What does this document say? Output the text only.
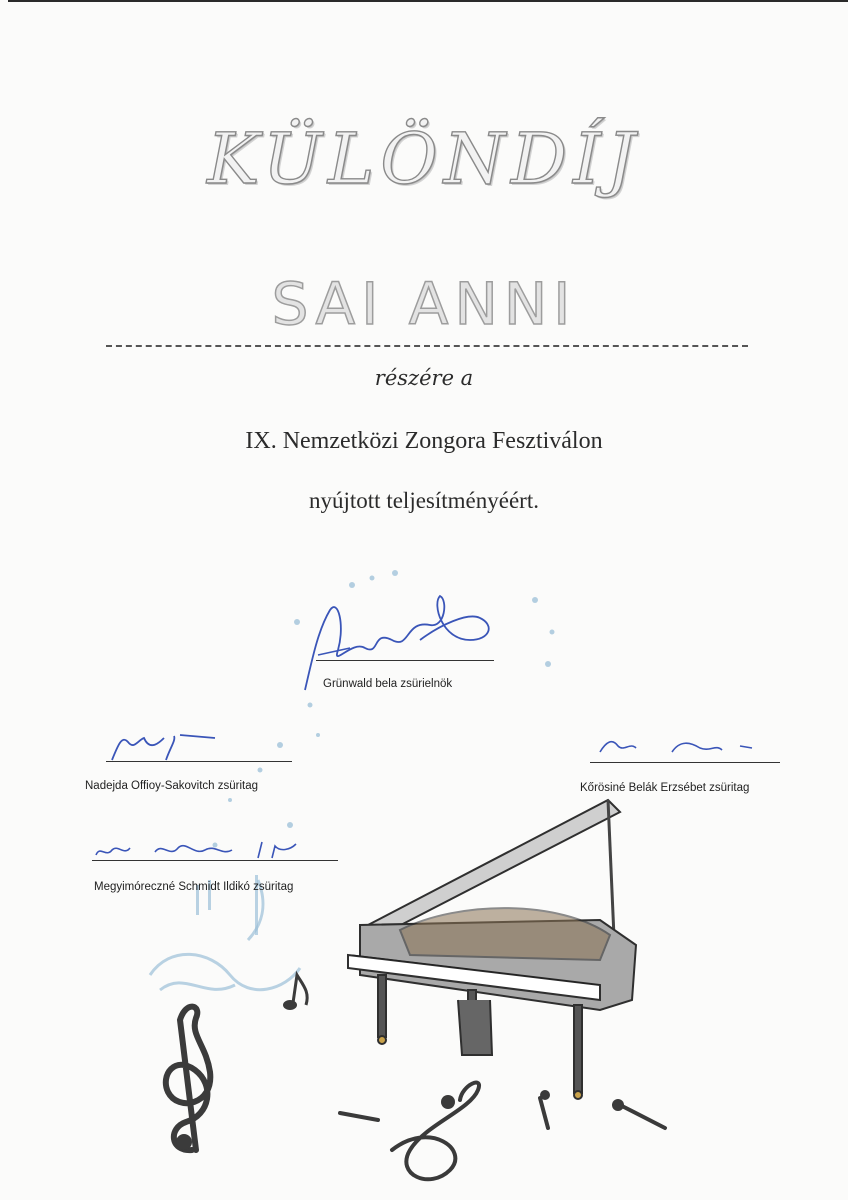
KÜLÖNDÍJ
SAI ANNI
részére a
IX. Nemzetközi Zongora Fesztiválon
nyújtott teljesítményéért.
Grünwald bela zsürielnök
Nadejda Offioy-Sakovitch zsüritag	Kőrösiné Belák Erzsébet zsüritag
Megyimóreczné Schmidt Ildikó zsüritag
